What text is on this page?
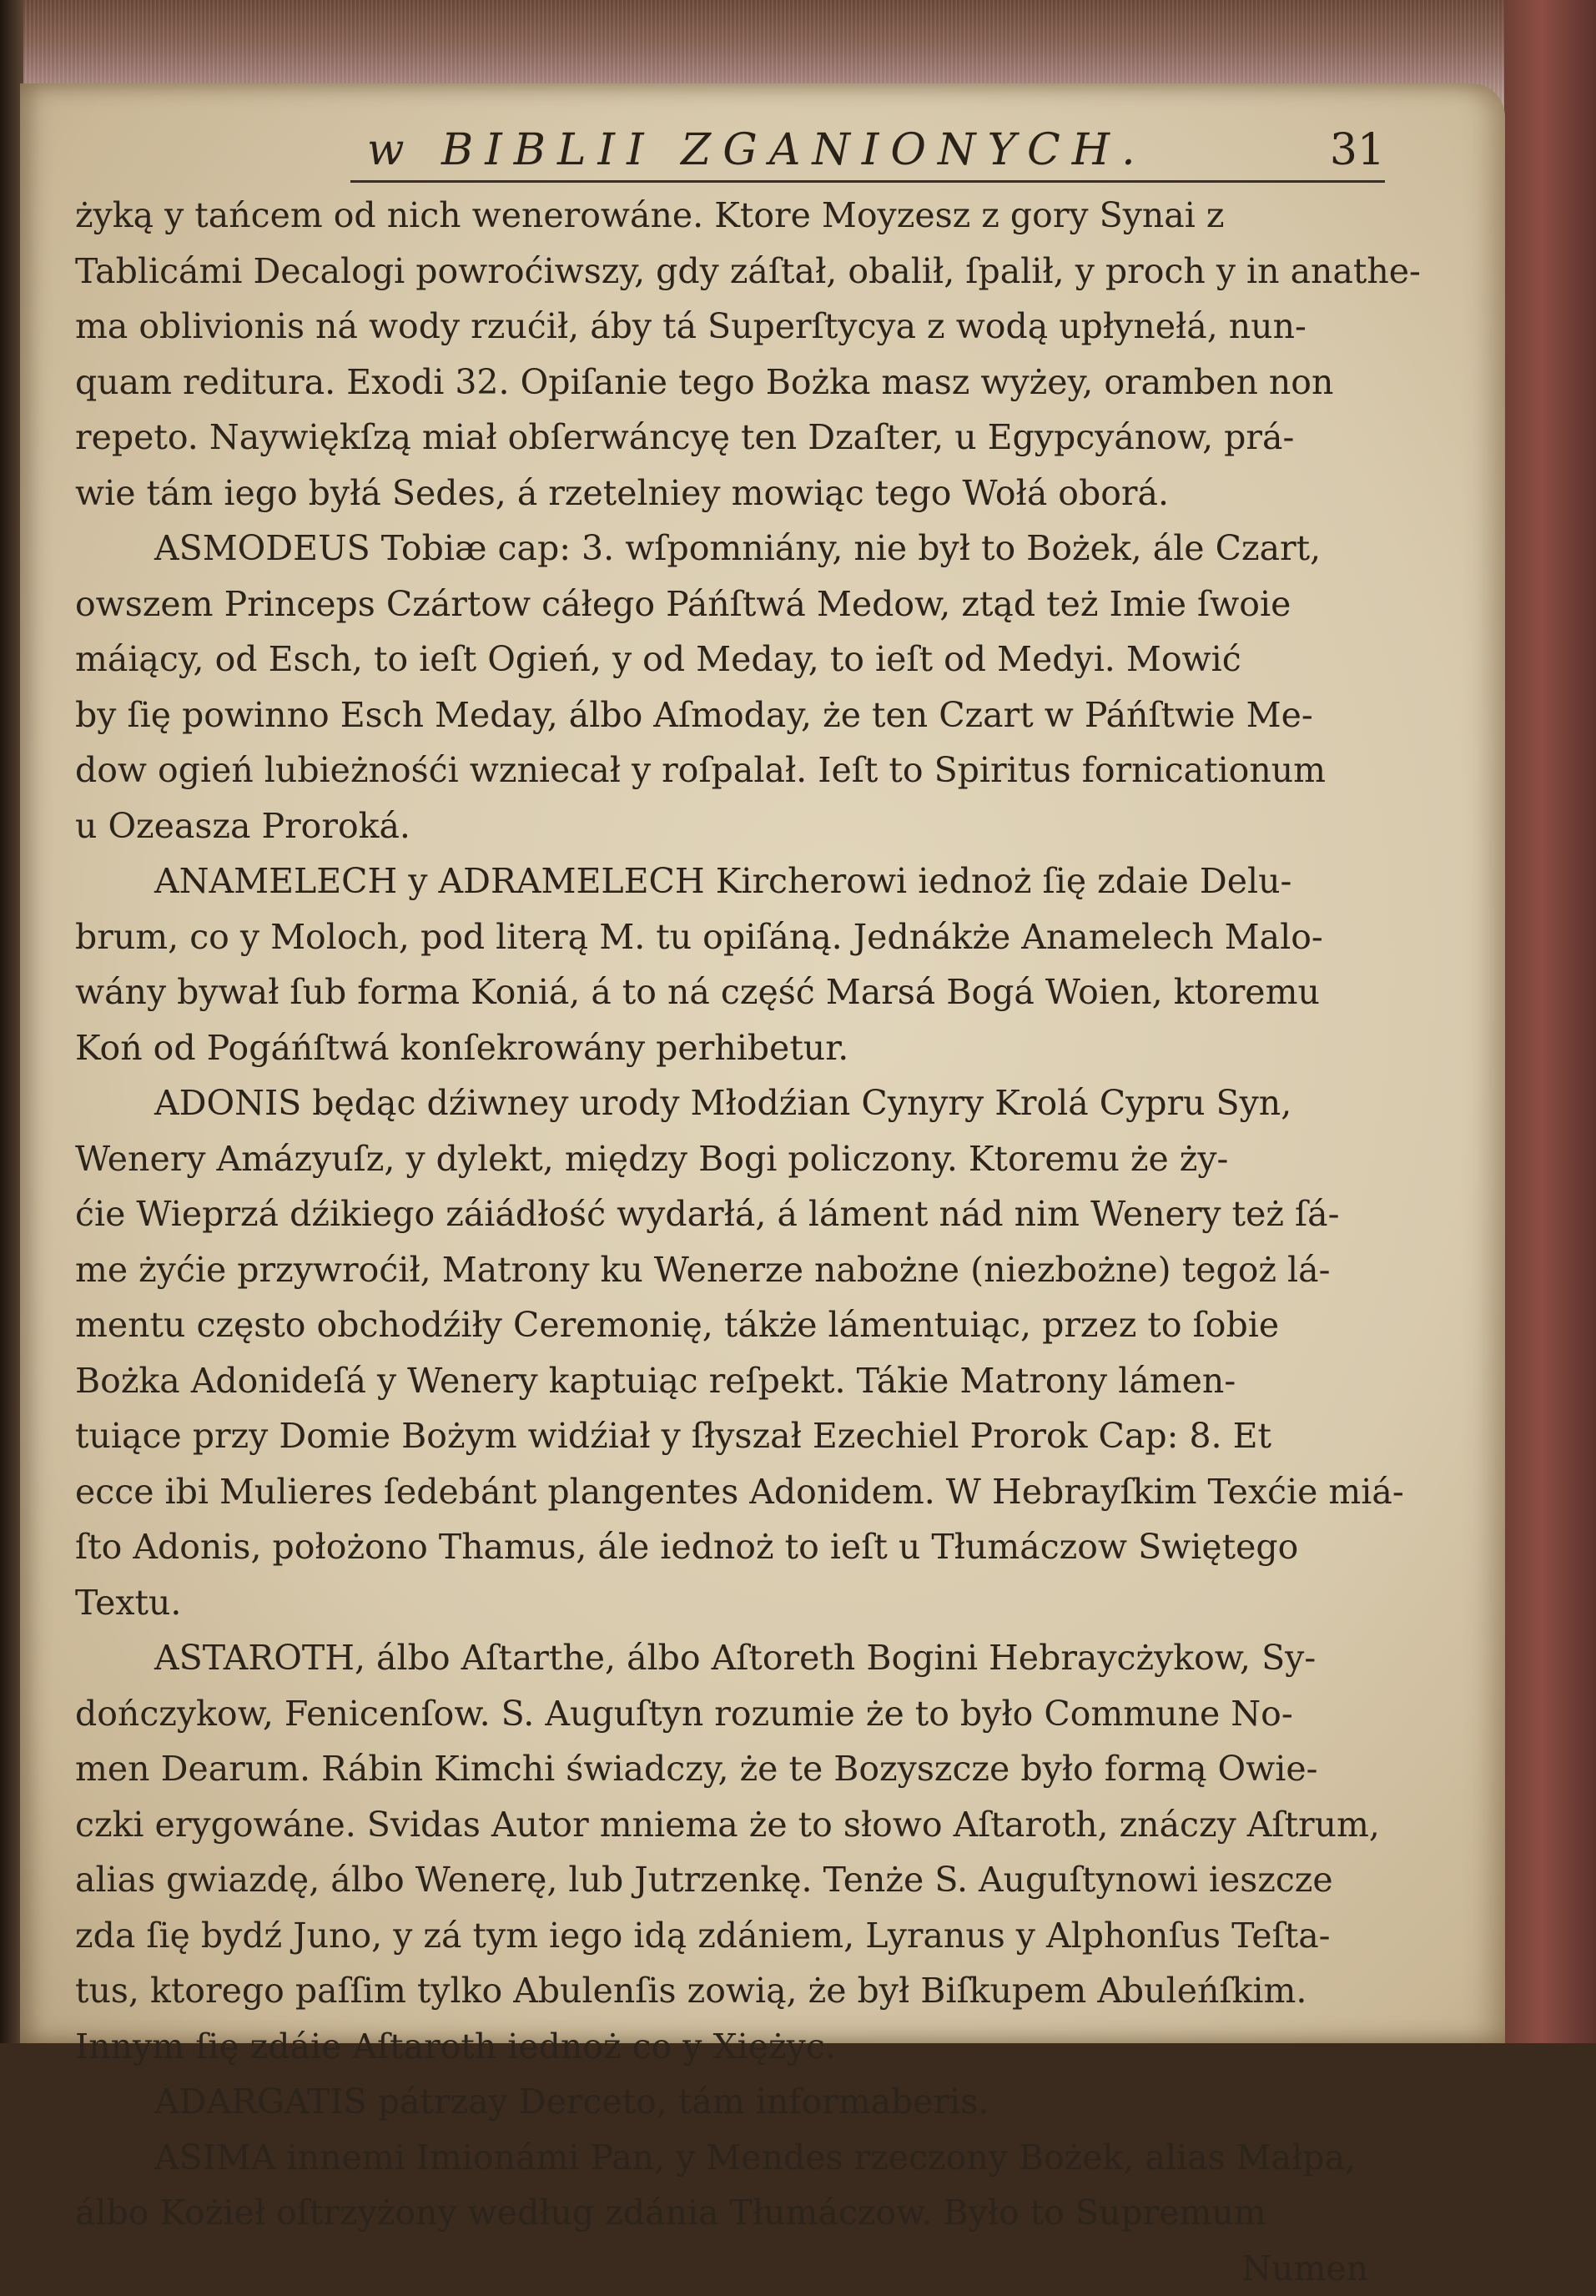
w BIBLII ZGANIONYCH.	31
żyką y tańcem od nich wenerowáne. Ktore Moyzesz z gory Synai z
Tablicámi Decalogi powroćiwszy, gdy záſtał, obalił, ſpalił, y proch y in anathe-
ma oblivionis ná wody rzućił, áby tá Superſtycya z wodą upłynełá, nun-
quam reditura. Exodi 32. Opiſanie tego Bożka masz wyżey, oramben non
repeto. Naywiękſzą miał obſerwáncyę ten Dzaſter, u Egypcyánow, prá-
wie tám iego byłá Sedes, á rzetelniey mowiąc tego Wołá oborá.
ASMODEUS Tobiæ cap: 3. wſpomniány, nie był to Bożek, ále Czart,
owszem Princeps Czártow cáłego Páńſtwá Medow, ztąd też Imie ſwoie
máiący, od Esch, to ieſt Ogień, y od Meday, to ieſt od Medyi. Mowić
by ſię powinno Esch Meday, álbo Aſmoday, że ten Czart w Páńſtwie Me-
dow ogień lubieżnośći wzniecał y roſpalał. Ieſt to Spiritus fornicationum
u Ozeasza Proroká.
ANAMELECH y ADRAMELECH Kircherowi iednoż ſię zdaie Delu-
brum, co y Moloch, pod literą M. tu opiſáną. Jednákże Anamelech Malo-
wány bywał ſub forma Koniá, á to ná część Marsá Bogá Woien, ktoremu
Koń od Pogáńſtwá konſekrowány perhibetur.
ADONIS będąc dźiwney urody Młodźian Cynyry Krolá Cypru Syn,
Wenery Amázyuſz, y dylekt, między Bogi policzony. Ktoremu że ży-
ćie Wieprzá dźikiego záiádłość wydarłá, á láment nád nim Wenery też ſá-
me żyćie przywroćił, Matrony ku Wenerze nabożne (niezbożne) tegoż lá-
mentu często obchodźiły Ceremonię, tákże lámentuiąc, przez to ſobie
Bożka Adonideſá y Wenery kaptuiąc reſpekt. Tákie Matrony lámen-
tuiące przy Domie Bożym widźiał y ſłyszał Ezechiel Prorok Cap: 8. Et
ecce ibi Mulieres ſedebánt plangentes Adonidem. W Hebrayſkim Texćie miá-
ſto Adonis, położono Thamus, ále iednoż to ieſt u Tłumáczow Swiętego
Textu.
ASTAROTH, álbo Aſtarthe, álbo Aſtoreth Bogini Hebraycżykow, Sy-
dończykow, Fenicenſow. S. Auguſtyn rozumie że to było Commune No-
men Dearum. Rábin Kimchi świadczy, że te Bozyszcze było formą Owie-
czki erygowáne. Svidas Autor mniema że to słowo Aſtaroth, znáczy Aſtrum,
alias gwiazdę, álbo Wenerę, lub Jutrzenkę. Tenże S. Auguſtynowi ieszcze
zda ſię bydź Juno, y zá tym iego idą zdániem, Lyranus y Alphonſus Teſta-
tus, ktorego paſſim tylko Abulenſis zowią, że był Biſkupem Abuleńſkim.
Innym ſię zdáie Aſtaroth iednoż co y Xiężyc.
ADARGATIS pátrzay Derceto, tám informaberis.
ASIMA innemi Imionámi Pan, y Mendes rzeczony Bożek, alias Małpa,
álbo Kożieł oſtrzyżony według zdánia Tłumáczow. Było to Supremum
Numen
